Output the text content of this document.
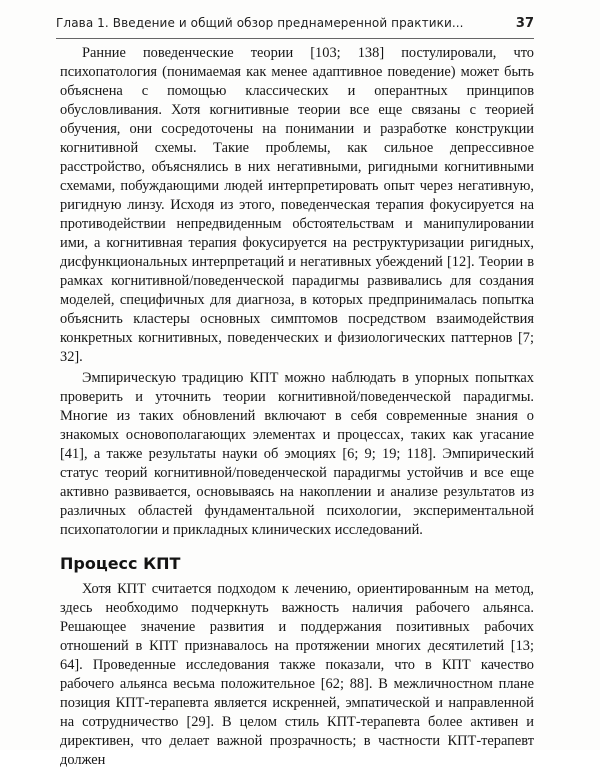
Глава 1. Введение и общий обзор преднамеренной практики...	37

Ранние поведенческие теории [103; 138] постулировали, что психопатология (понимаемая как менее адаптивное поведение) может быть объяснена с помощью классических и оперантных принципов обусловливания. Хотя когнитивные теории все еще связаны с теорией обучения, они сосредоточены на понимании и разработке конструкции когнитивной схемы. Такие проблемы, как сильное депрессивное расстройство, объяснялись в них негативными, ригидными когнитивными схемами, побуждающими людей интерпретировать опыт через негативную, ригидную линзу. Исходя из этого, поведенческая терапия фокусируется на противодействии непредвиденным обстоятельствам и манипулировании ими, а когнитивная терапия фокусируется на реструктуризации ригидных, дисфункциональных интерпретаций и негативных убеждений [12]. Теории в рамках когнитивной/поведенческой парадигмы развивались для создания моделей, специфичных для диагноза, в которых предпринималась попытка объяснить кластеры основных симптомов посредством взаимодействия конкретных когнитивных, поведенческих и физиологических паттернов [7; 32].

Эмпирическую традицию КПТ можно наблюдать в упорных попытках проверить и уточнить теории когнитивной/поведенческой парадигмы. Многие из таких обновлений включают в себя современные знания о знакомых основополагающих элементах и процессах, таких как угасание [41], а также результаты науки об эмоциях [6; 9; 19; 118]. Эмпирический статус теорий когнитивной/поведенческой парадигмы устойчив и все еще активно развивается, основываясь на накоплении и анализе результатов из различных областей фундаментальной психологии, экспериментальной психопатологии и прикладных клинических исследований.

Процесс КПТ

Хотя КПТ считается подходом к лечению, ориентированным на метод, здесь необходимо подчеркнуть важность наличия рабочего альянса. Решающее значение развития и поддержания позитивных рабочих отношений в КПТ признавалось на протяжении многих десятилетий [13; 64]. Проведенные исследования также показали, что в КПТ качество рабочего альянса весьма положительное [62; 88]. В межличностном плане позиция КПТ-терапевта является искренней, эмпатической и направленной на сотрудничество [29]. В целом стиль КПТ-терапевта более активен и директивен, что делает важной прозрачность; в частности КПТ-терапевт должен
